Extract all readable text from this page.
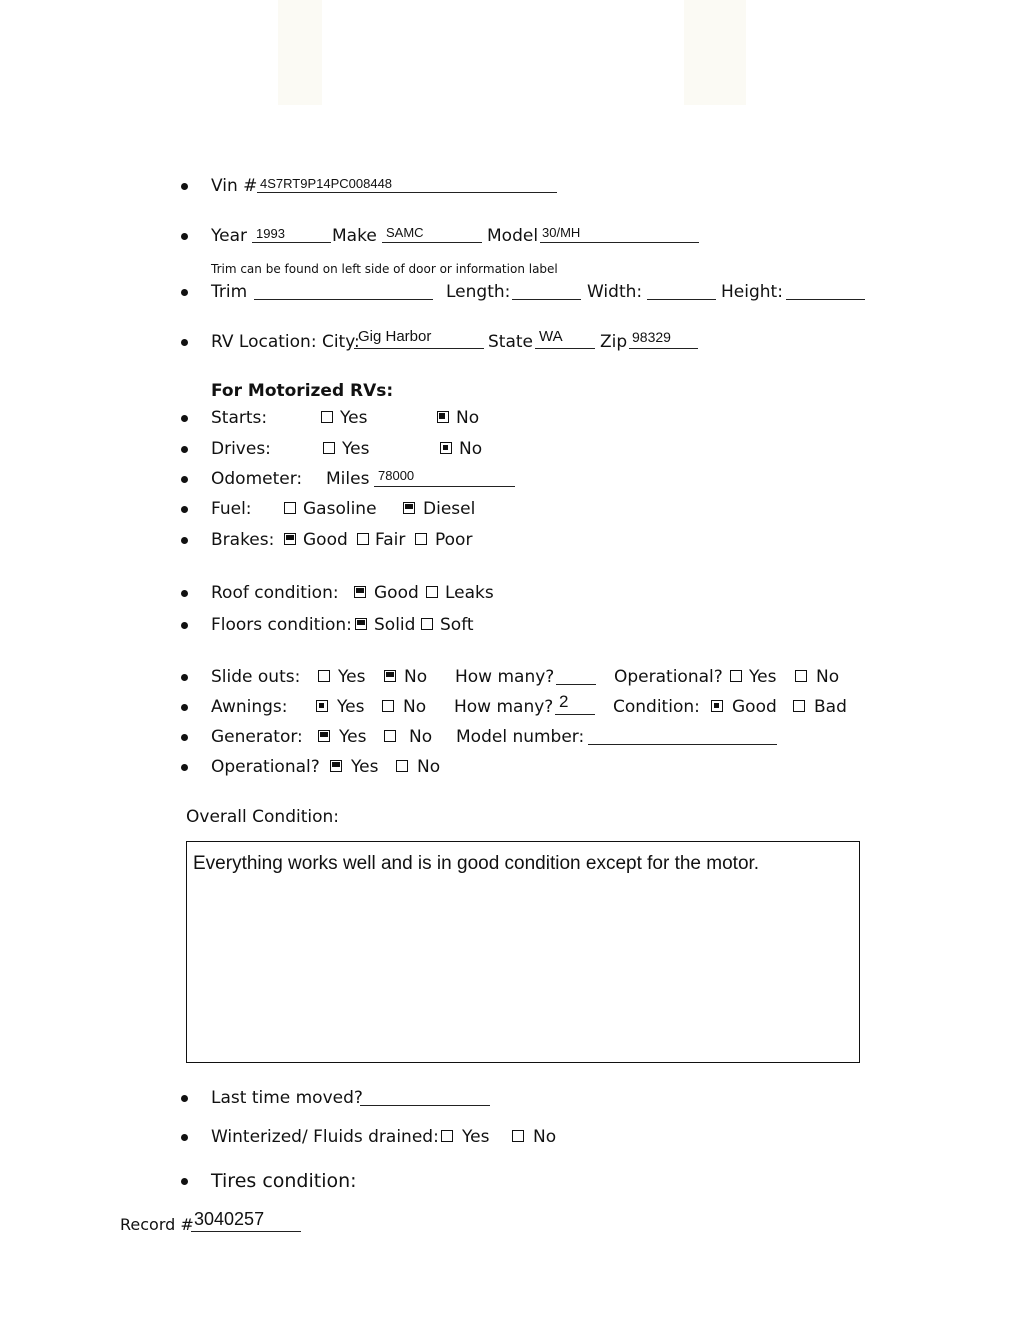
Vin # 4S7RT9P14PC008448
Year 1993	Make SAMC	Model 30/MH
Trim can be found on left side of door or information label
Trim	Length:	Width:	Height:
RV Location: City:
Gig Harbor	State WA Zip 98329
For Motorized RVs:
Starts:	Yes	No
Drives:	Yes	No
Odometer: Miles 78000
Fuel:	Gasoline	Diesel
Brakes: Good Fair Poor
Roof condition: Good Leaks
Floors condition: Solid Soft
Slide outs: Yes No How many?	Operational? Yes No
Awnings:	Yes No How many? 2	Condition: Good Bad
Generator: Yes	No Model number:
Operational? Yes No
Overall Condition:
Everything works well and is in good condition except for the motor.
Last time moved?
Winterized/ Fluids drained: Yes	No
Tires condition:
Record # 3040257
